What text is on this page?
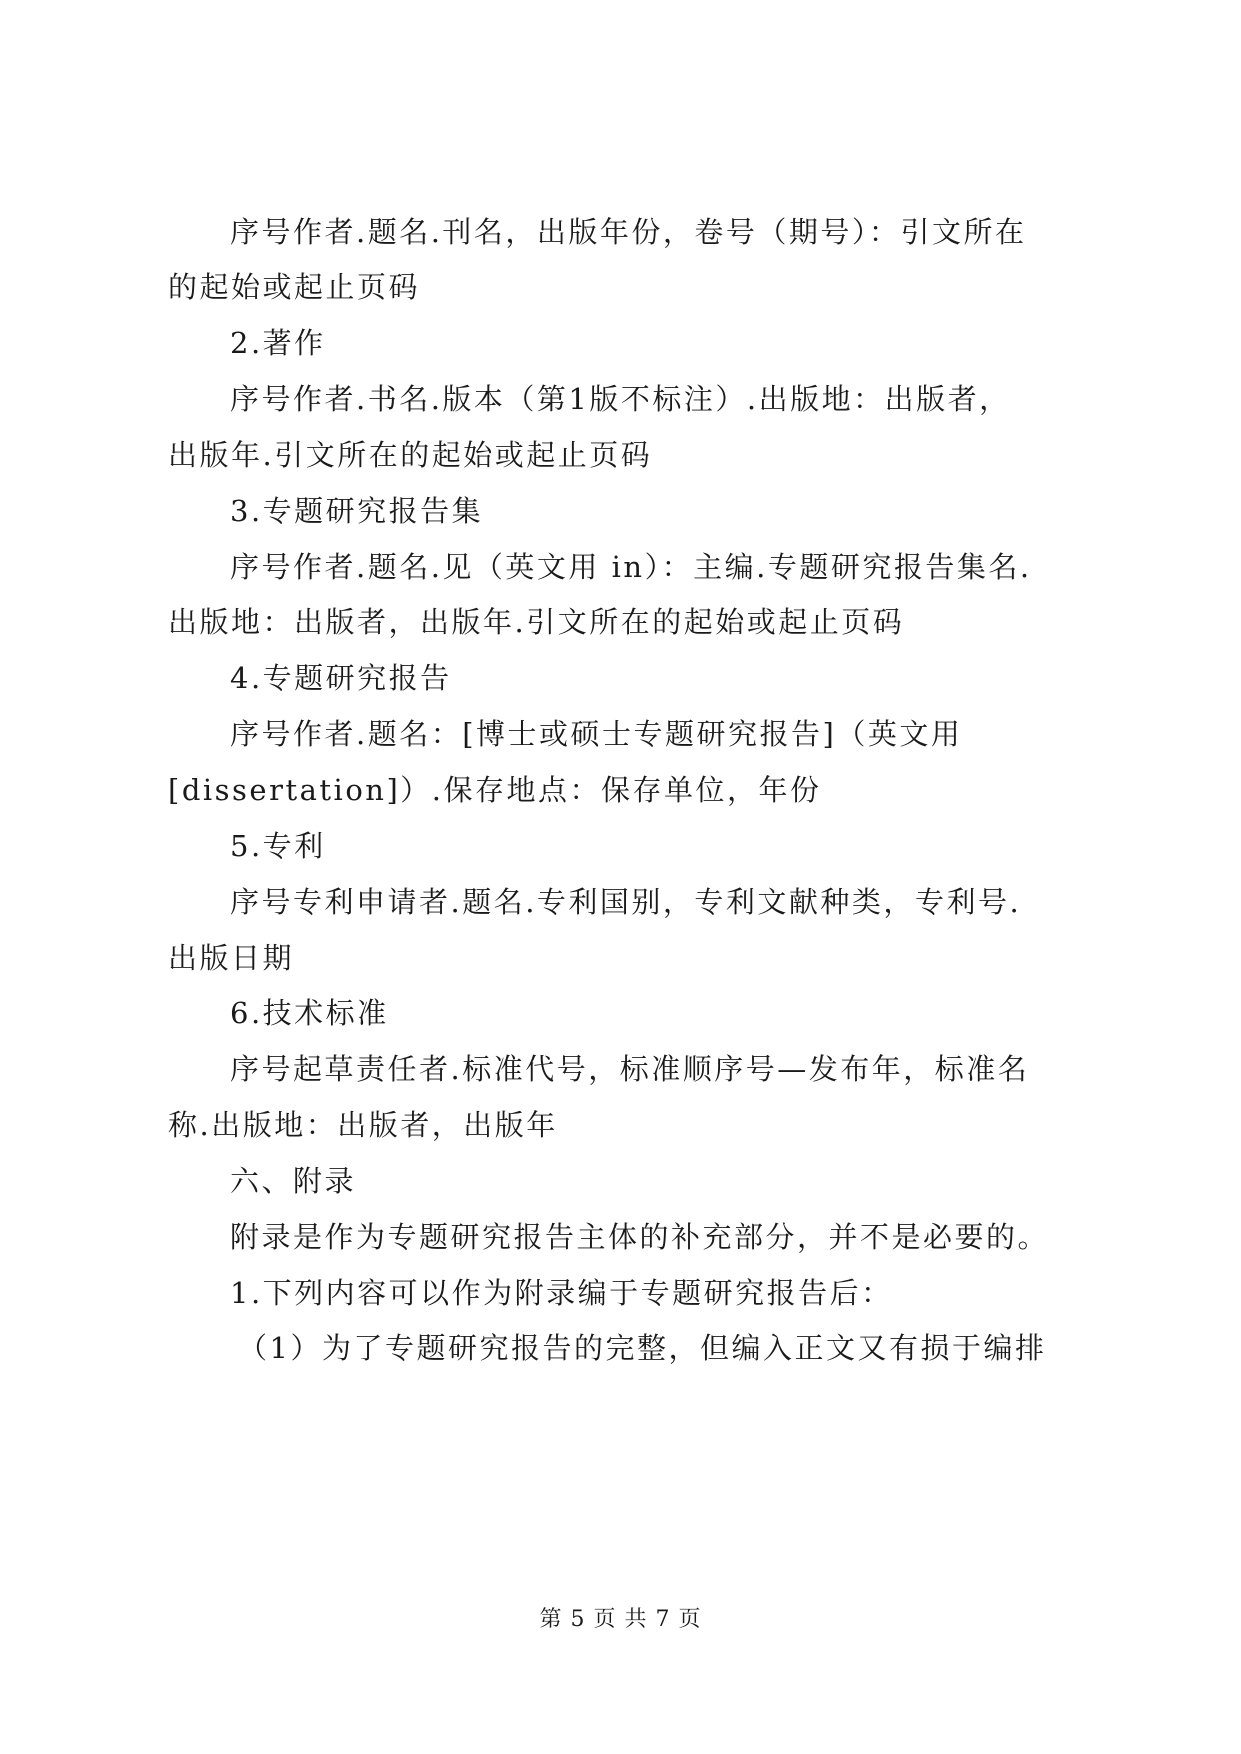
序号作者.题名.刊名，出版年份，卷号（期号）：引文所在
的起始或起止页码
2.著作
序号作者.书名.版本（第1版不标注）.出版地：出版者，
出版年.引文所在的起始或起止页码
3.专题研究报告集
序号作者.题名.见（英文用 in）：主编.专题研究报告集名.
出版地：出版者，出版年.引文所在的起始或起止页码
4.专题研究报告
序号作者.题名：[博士或硕士专题研究报告]（英文用
[dissertation]）.保存地点：保存单位，年份
5.专利
序号专利申请者.题名.专利国别，专利文献种类，专利号.
出版日期
6.技术标准
序号起草责任者.标准代号，标准顺序号—发布年，标准名
称.出版地：出版者，出版年
六、附录
附录是作为专题研究报告主体的补充部分，并不是必要的。
1.下列内容可以作为附录编于专题研究报告后：
（1）为了专题研究报告的完整，但编入正文又有损于编排
第 5 页 共 7 页
